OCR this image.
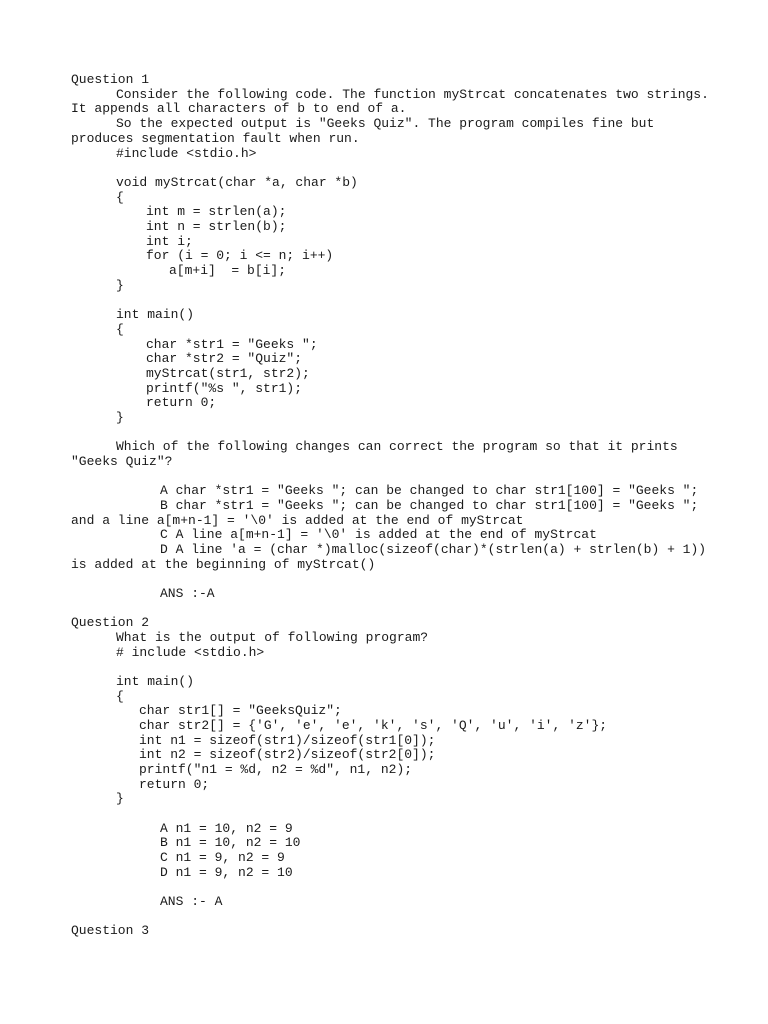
Question 1

Consider the following code. The function myStrcat concatenates two strings.

It appends all characters of b to end of a.

So the expected output is "Geeks Quiz". The program compiles fine but

produces segmentation fault when run.

#include <stdio.h>

void myStrcat(char *a, char *b)

{

int m = strlen(a);

int n = strlen(b);

int i;

for (i = 0; i <= n; i++)

a[m+i]  = b[i];

}

int main()

{

char *str1 = "Geeks ";

char *str2 = "Quiz";

myStrcat(str1, str2);

printf("%s ", str1);

return 0;

}

Which of the following changes can correct the program so that it prints

"Geeks Quiz"?

A char *str1 = "Geeks "; can be changed to char str1[100] = "Geeks ";

B char *str1 = "Geeks "; can be changed to char str1[100] = "Geeks ";

and a line a[m+n-1] = '\0' is added at the end of myStrcat

C A line a[m+n-1] = '\0' is added at the end of myStrcat

D A line 'a = (char *)malloc(sizeof(char)*(strlen(a) + strlen(b) + 1))

is added at the beginning of myStrcat()

ANS :-A

Question 2

What is the output of following program?

# include <stdio.h>

int main()

{

char str1[] = "GeeksQuiz";

char str2[] = {'G', 'e', 'e', 'k', 's', 'Q', 'u', 'i', 'z'};

int n1 = sizeof(str1)/sizeof(str1[0]);

int n2 = sizeof(str2)/sizeof(str2[0]);

printf("n1 = %d, n2 = %d", n1, n2);

return 0;

}

A n1 = 10, n2 = 9

B n1 = 10, n2 = 10

C n1 = 9, n2 = 9

D n1 = 9, n2 = 10

ANS :- A

Question 3
